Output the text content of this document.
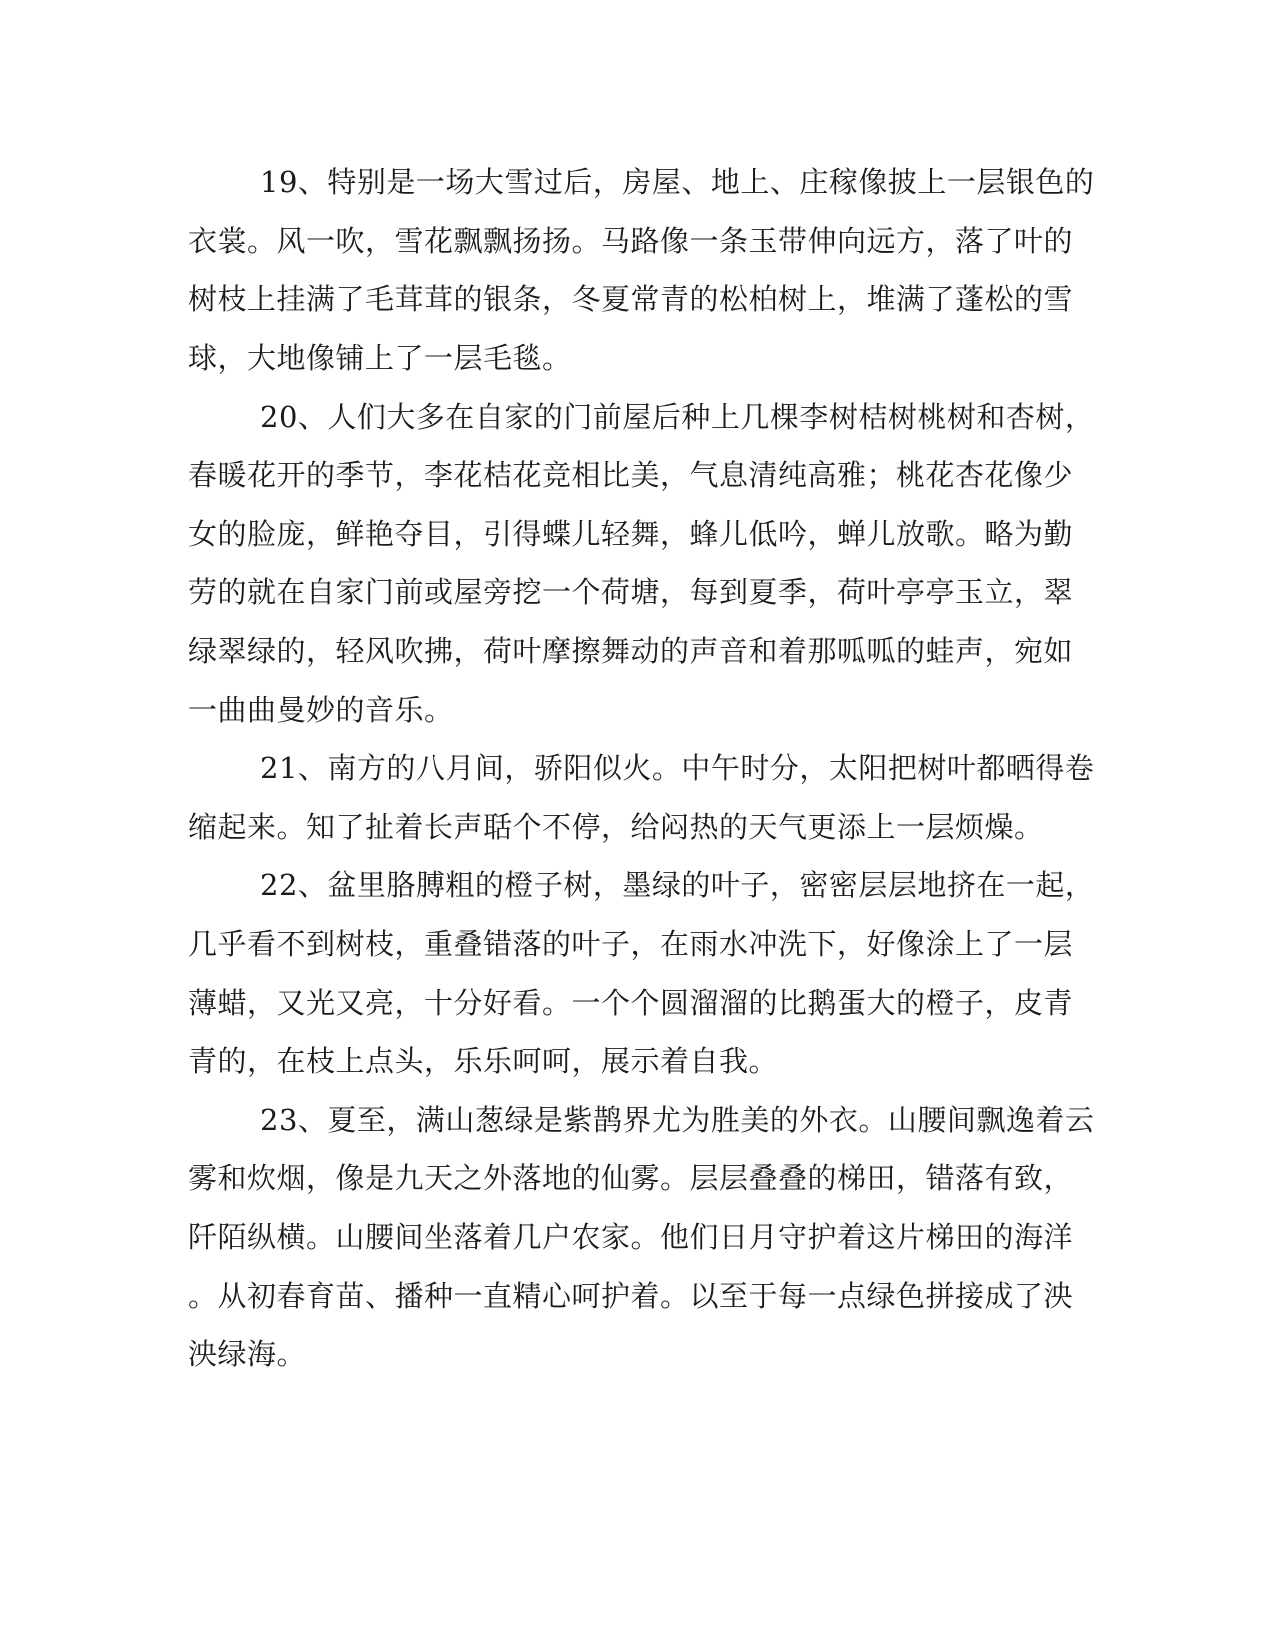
19、特别是一场大雪过后，房屋、地上、庄稼像披上一层银色的
衣裳。风一吹，雪花飘飘扬扬。马路像一条玉带伸向远方，落了叶的
树枝上挂满了毛茸茸的银条，冬夏常青的松柏树上，堆满了蓬松的雪
球，大地像铺上了一层毛毯。
20、人们大多在自家的门前屋后种上几棵李树桔树桃树和杏树，
春暖花开的季节，李花桔花竞相比美，气息清纯高雅；桃花杏花像少
女的脸庞，鲜艳夺目，引得蝶儿轻舞，蜂儿低吟，蝉儿放歌。略为勤
劳的就在自家门前或屋旁挖一个荷塘，每到夏季，荷叶亭亭玉立，翠
绿翠绿的，轻风吹拂，荷叶摩擦舞动的声音和着那呱呱的蛙声，宛如
一曲曲曼妙的音乐。
21、南方的八月间，骄阳似火。中午时分，太阳把树叶都晒得卷
缩起来。知了扯着长声聒个不停，给闷热的天气更添上一层烦燥。
22、盆里胳膊粗的橙子树，墨绿的叶子，密密层层地挤在一起，
几乎看不到树枝，重叠错落的叶子，在雨水冲洗下，好像涂上了一层
薄蜡，又光又亮，十分好看。一个个圆溜溜的比鹅蛋大的橙子，皮青
青的，在枝上点头，乐乐呵呵，展示着自我。
23、夏至，满山葱绿是紫鹊界尤为胜美的外衣。山腰间飘逸着云
雾和炊烟，像是九天之外落地的仙雾。层层叠叠的梯田，错落有致，
阡陌纵横。山腰间坐落着几户农家。他们日月守护着这片梯田的海洋
。从初春育苗、播种一直精心呵护着。以至于每一点绿色拼接成了泱
泱绿海。
